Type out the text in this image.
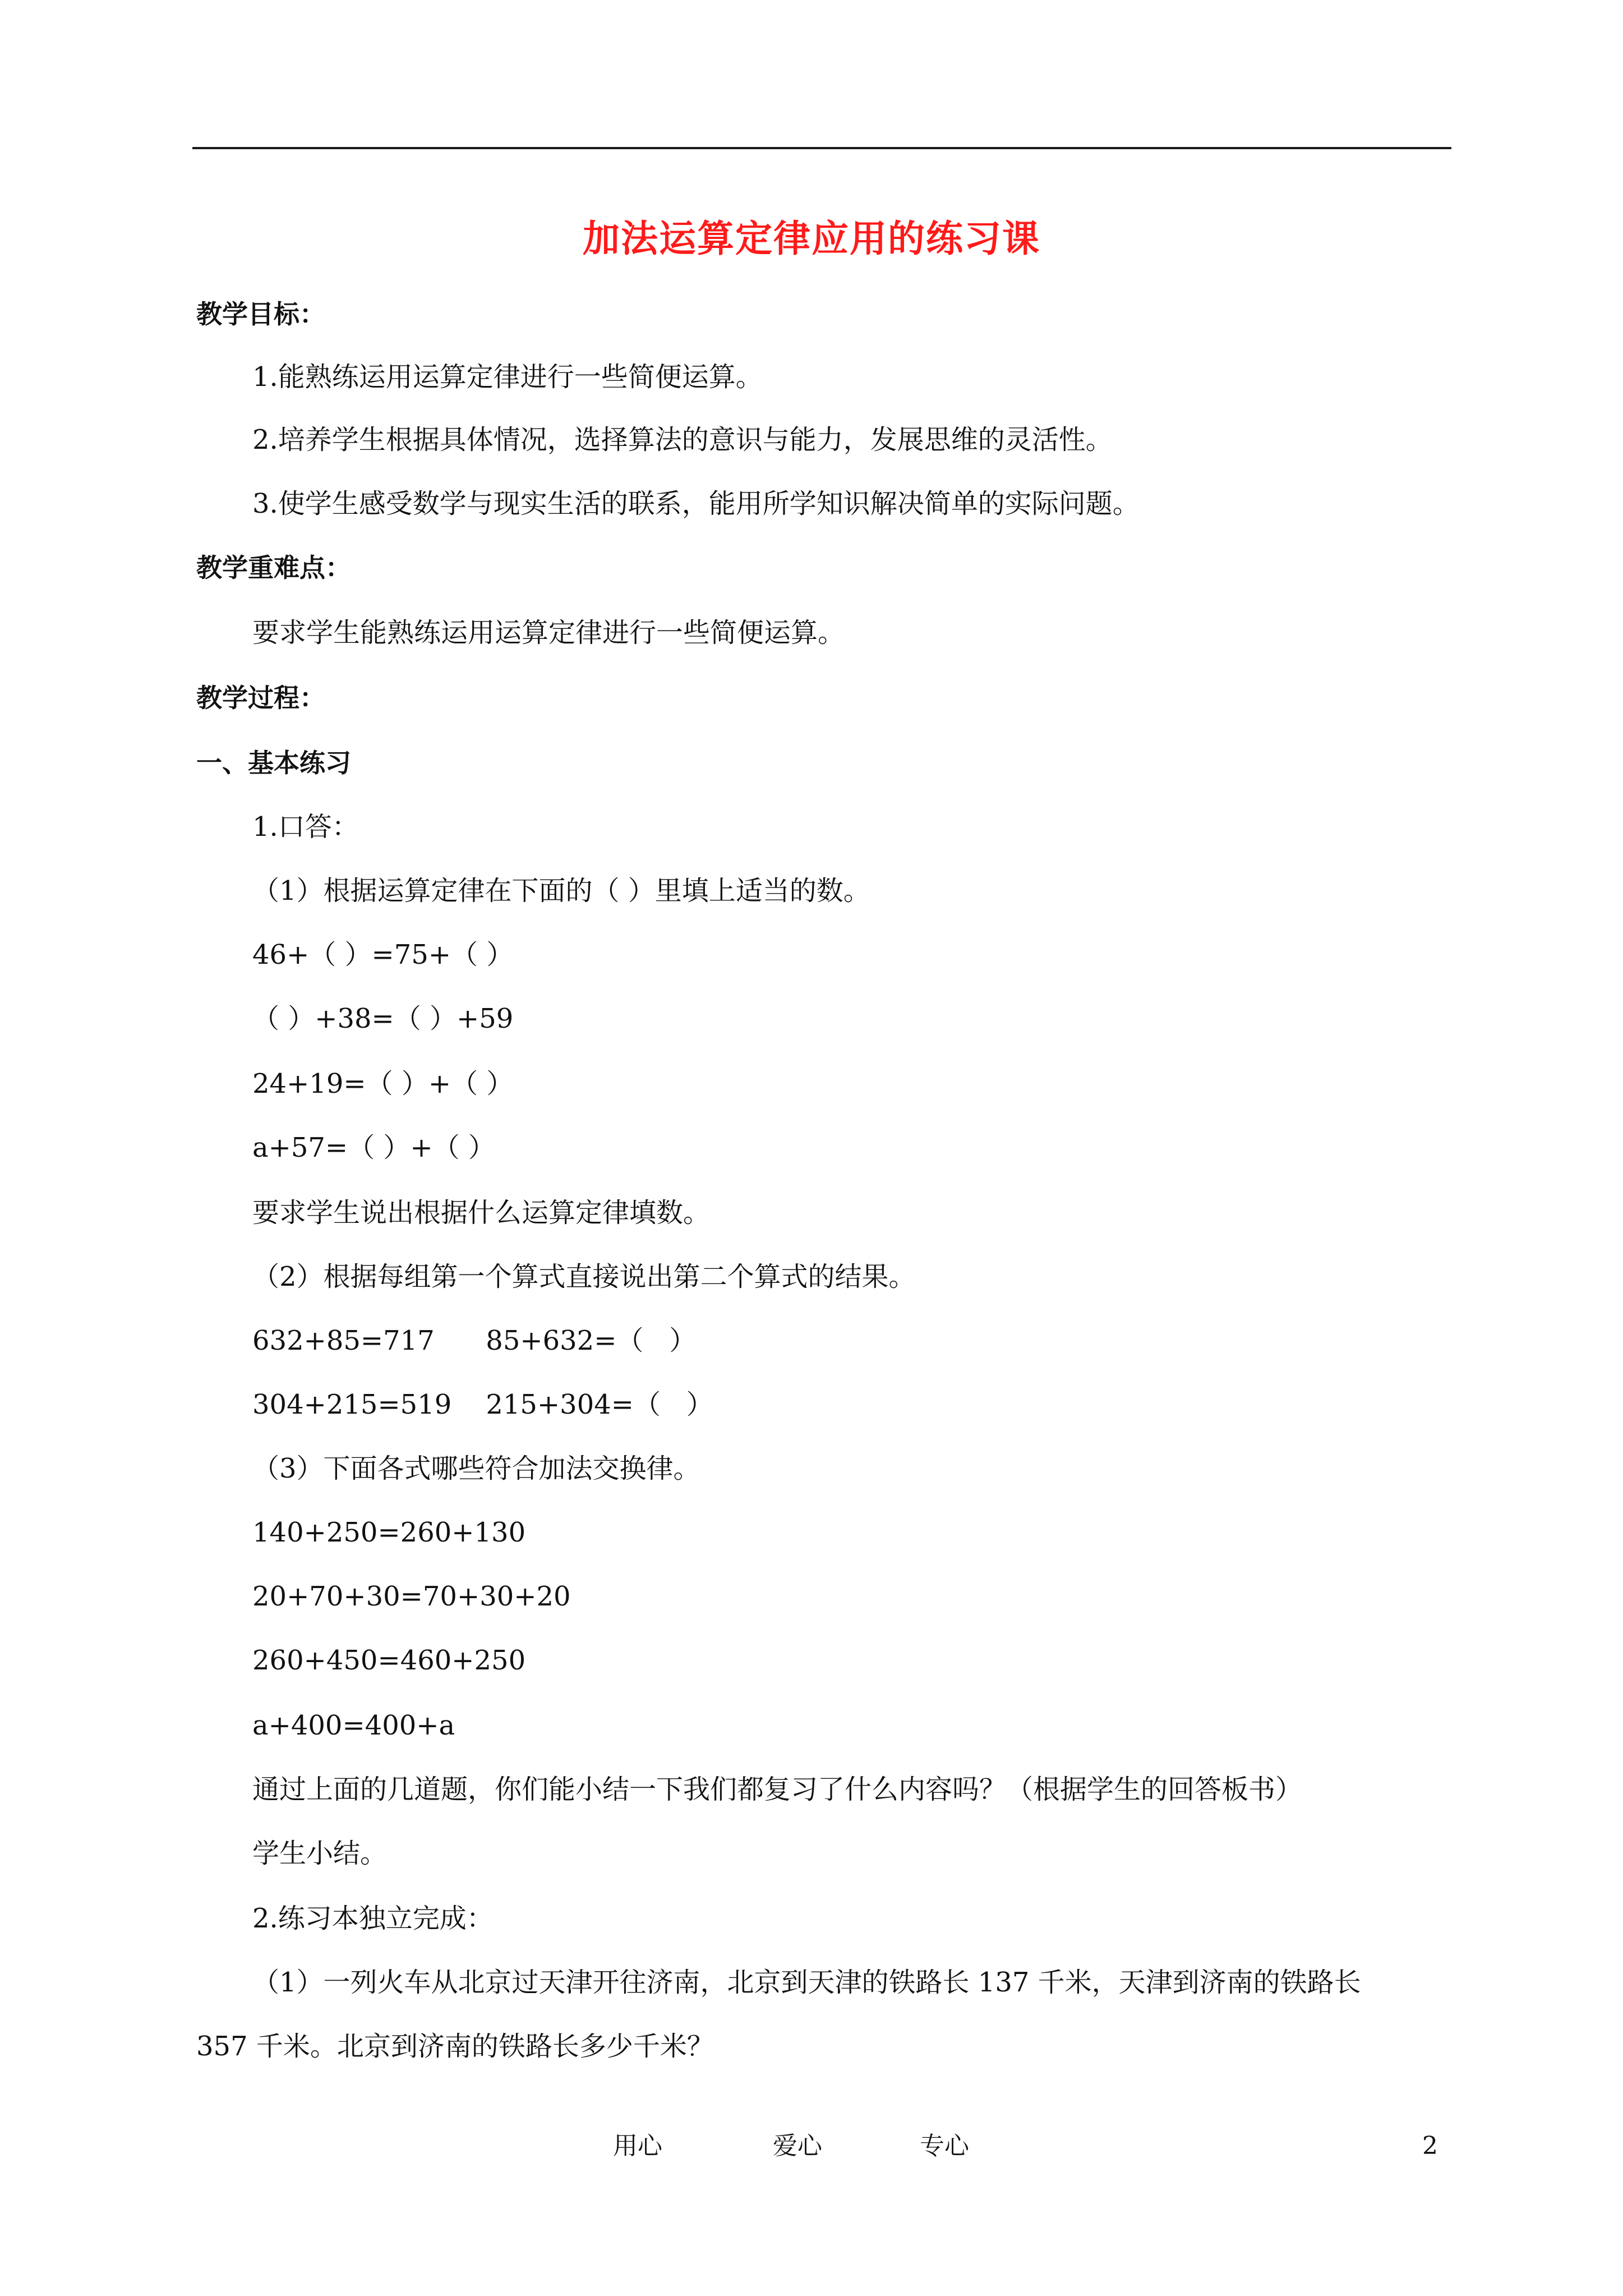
加法运算定律应用的练习课
教学目标：
1.能熟练运用运算定律进行一些简便运算。
2.培养学生根据具体情况，选择算法的意识与能力，发展思维的灵活性。
3.使学生感受数学与现实生活的联系，能用所学知识解决简单的实际问题。
教学重难点：
要求学生能熟练运用运算定律进行一些简便运算。
教学过程：
一、基本练习
1.口答：
（1）根据运算定律在下面的（ ）里填上适当的数。
46+（ ）=75+（ ）
（ ）+38=（ ）+59
24+19=（ ）+（ ）
a+57=（ ）+（ ）
要求学生说出根据什么运算定律填数。
（2）根据每组第一个算式直接说出第二个算式的结果。
632+85=717      85+632=（   ）
304+215=519    215+304=（   ）
（3）下面各式哪些符合加法交换律。
140+250=260+130
20+70+30=70+30+20
260+450=460+250
a+400=400+a
通过上面的几道题，你们能小结一下我们都复习了什么内容吗？（根据学生的回答板书）
学生小结。
2.练习本独立完成：
（1）一列火车从北京过天津开往济南，北京到天津的铁路长 137 千米，天津到济南的铁路长
357 千米。北京到济南的铁路长多少千米？
用心	爱心	专心	2
